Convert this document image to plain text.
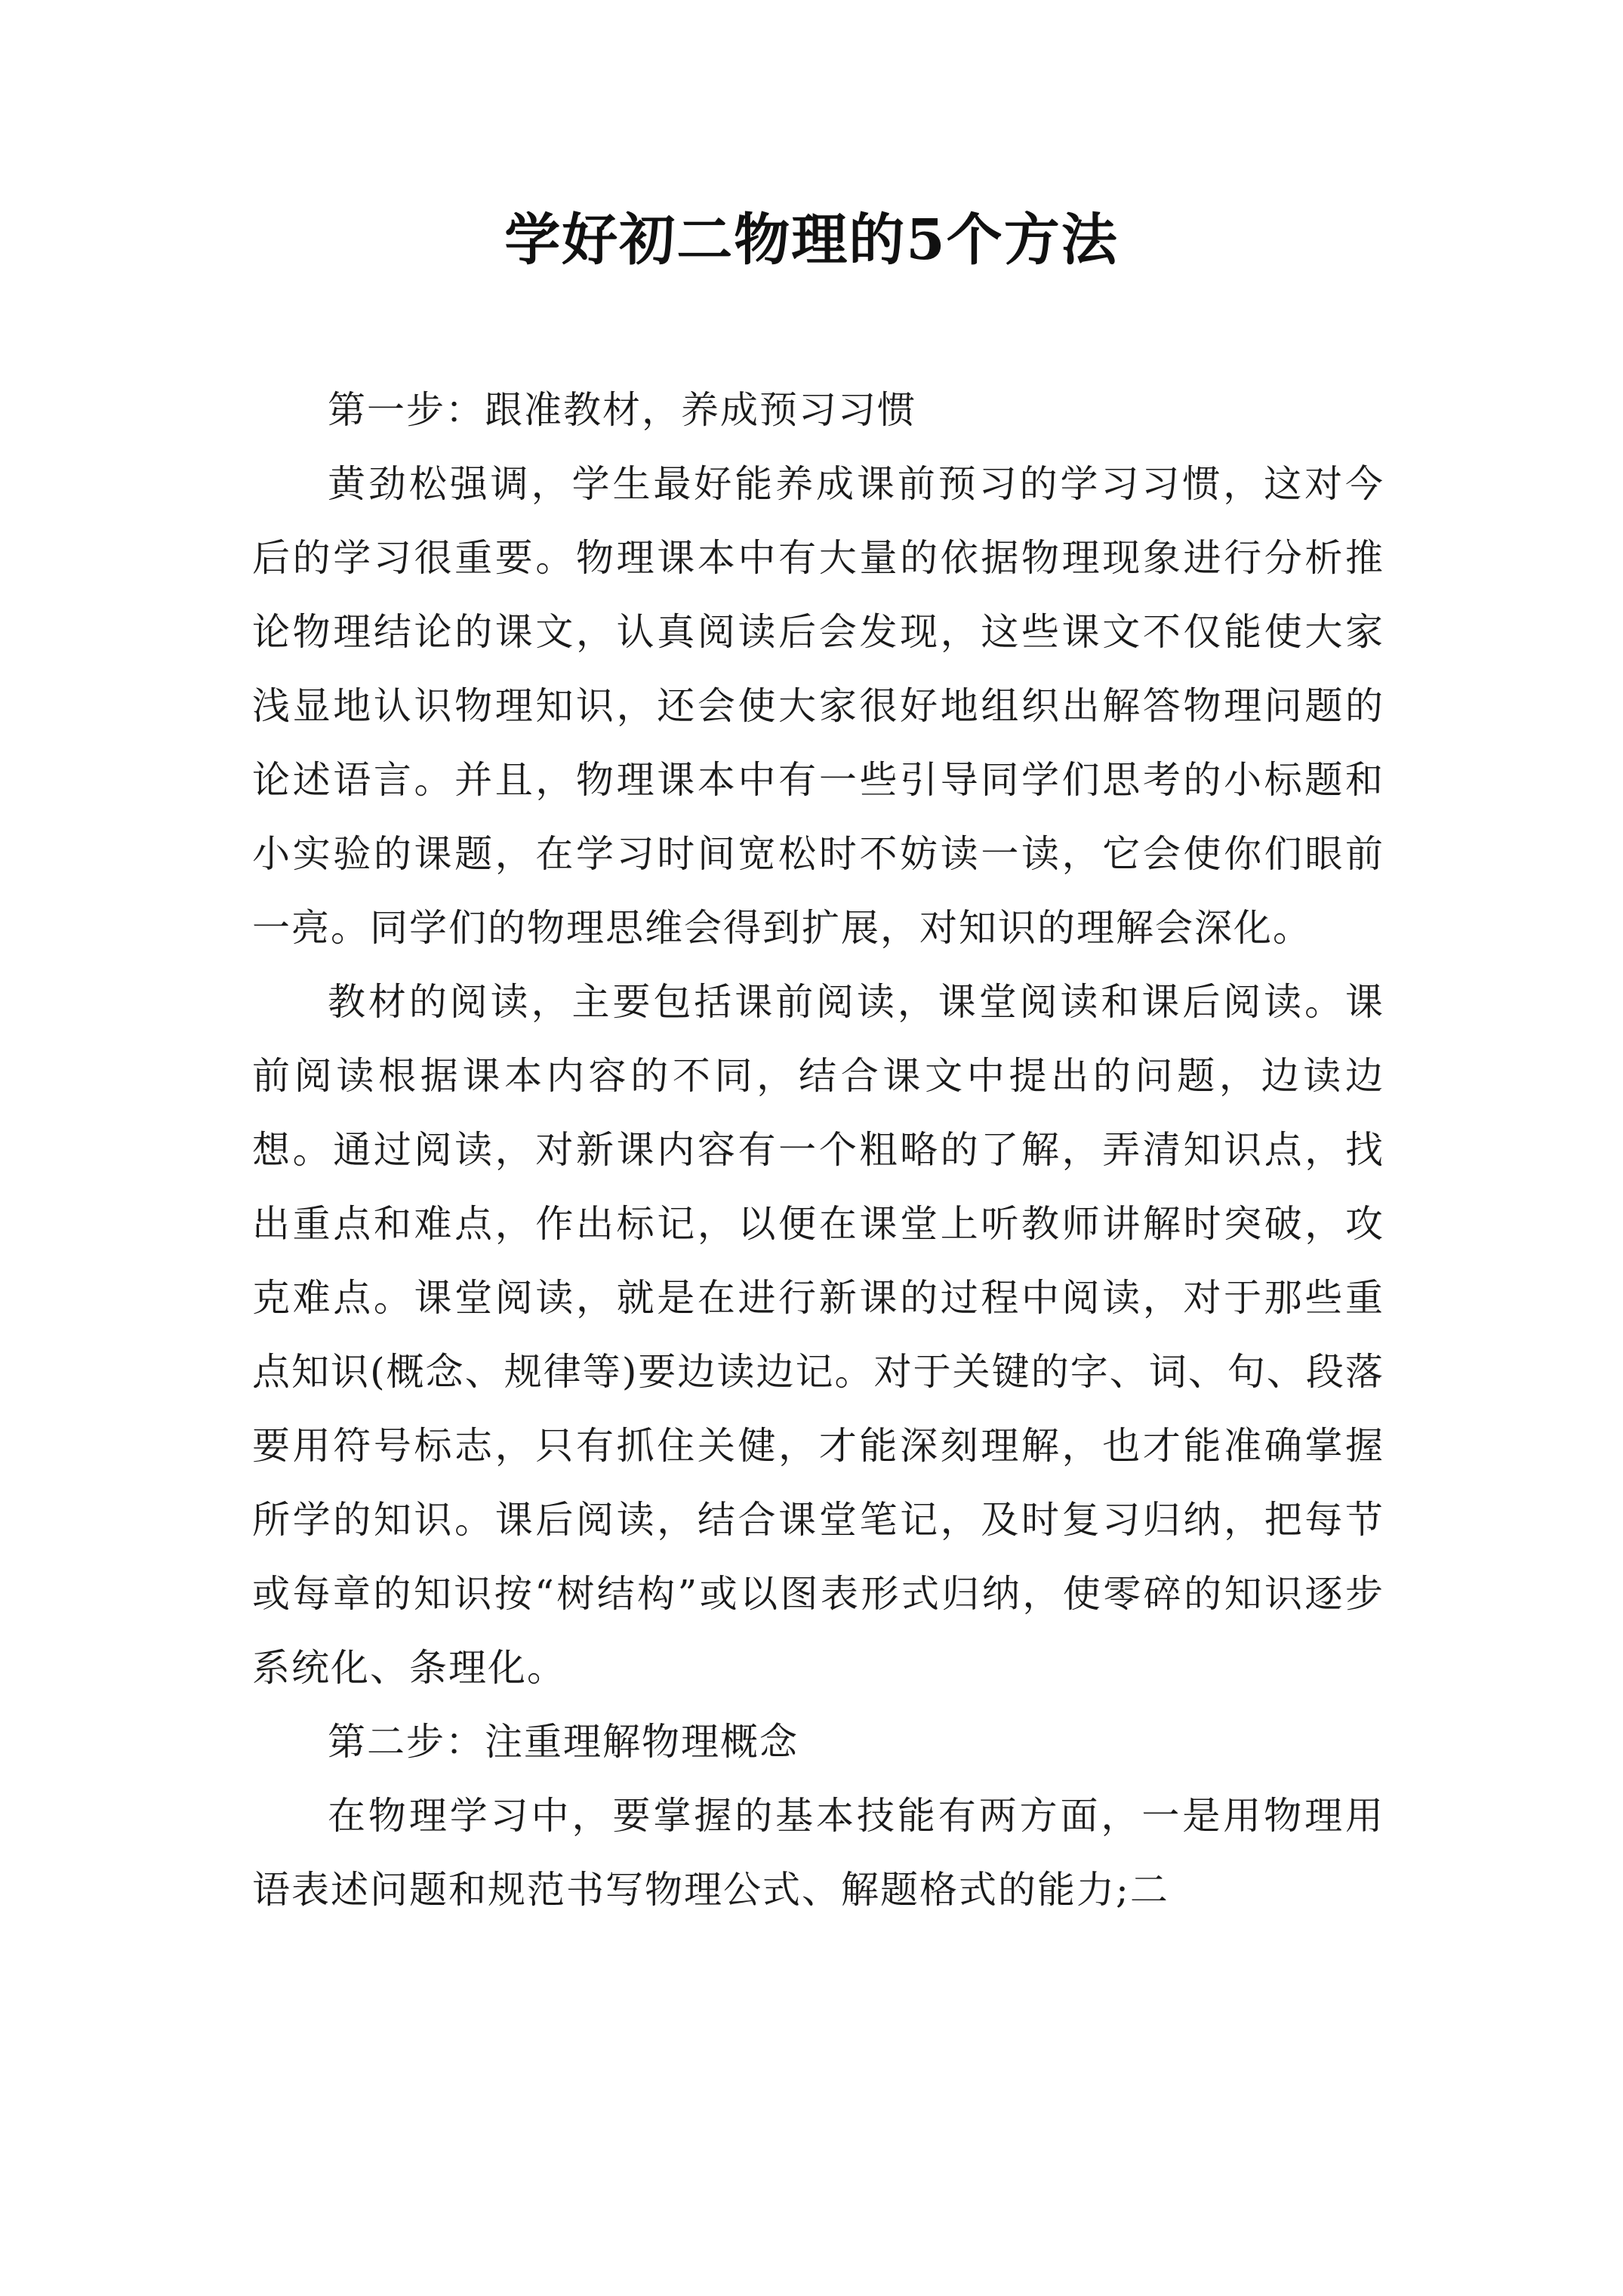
学好初二物理的5个方法

第一步：跟准教材，养成预习习惯

黄劲松强调，学生最好能养成课前预习的学习习惯，这对今后的学习很重要。物理课本中有大量的依据物理现象进行分析推论物理结论的课文，认真阅读后会发现，这些课文不仅能使大家浅显地认识物理知识，还会使大家很好地组织出解答物理问题的论述语言。并且，物理课本中有一些引导同学们思考的小标题和小实验的课题，在学习时间宽松时不妨读一读，它会使你们眼前一亮。同学们的物理思维会得到扩展，对知识的理解会深化。

教材的阅读，主要包括课前阅读，课堂阅读和课后阅读。课前阅读根据课本内容的不同，结合课文中提出的问题，边读边想。通过阅读，对新课内容有一个粗略的了解，弄清知识点，找出重点和难点，作出标记，以便在课堂上听教师讲解时突破，攻克难点。课堂阅读，就是在进行新课的过程中阅读，对于那些重点知识(概念、规律等)要边读边记。对于关键的字、词、句、段落要用符号标志，只有抓住关健，才能深刻理解，也才能准确掌握所学的知识。课后阅读，结合课堂笔记，及时复习归纳，把每节或每章的知识按“树结构”或以图表形式归纳，使零碎的知识逐步系统化、条理化。

第二步：注重理解物理概念

在物理学习中，要掌握的基本技能有两方面，一是用物理用语表述问题和规范书写物理公式、解题格式的能力;二
